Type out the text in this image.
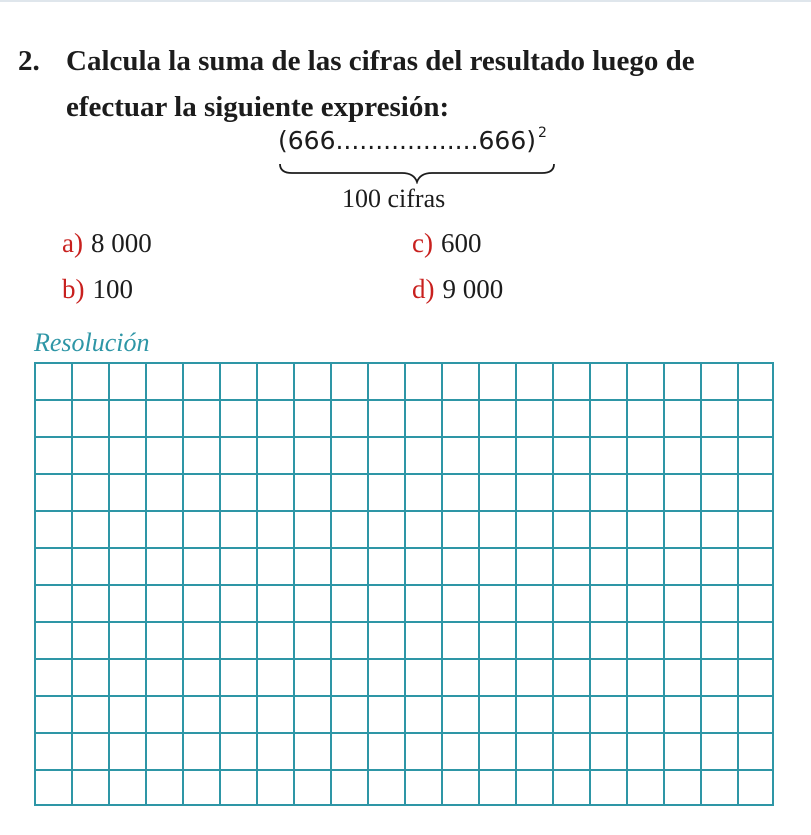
2. Calcula la suma de las cifras del resultado luego de
efectuar la siguiente expresión:
(666..................666) $^2$
100 cifras
a) 8 000
b) 100
c) 600
d) 9 000
Resolución
